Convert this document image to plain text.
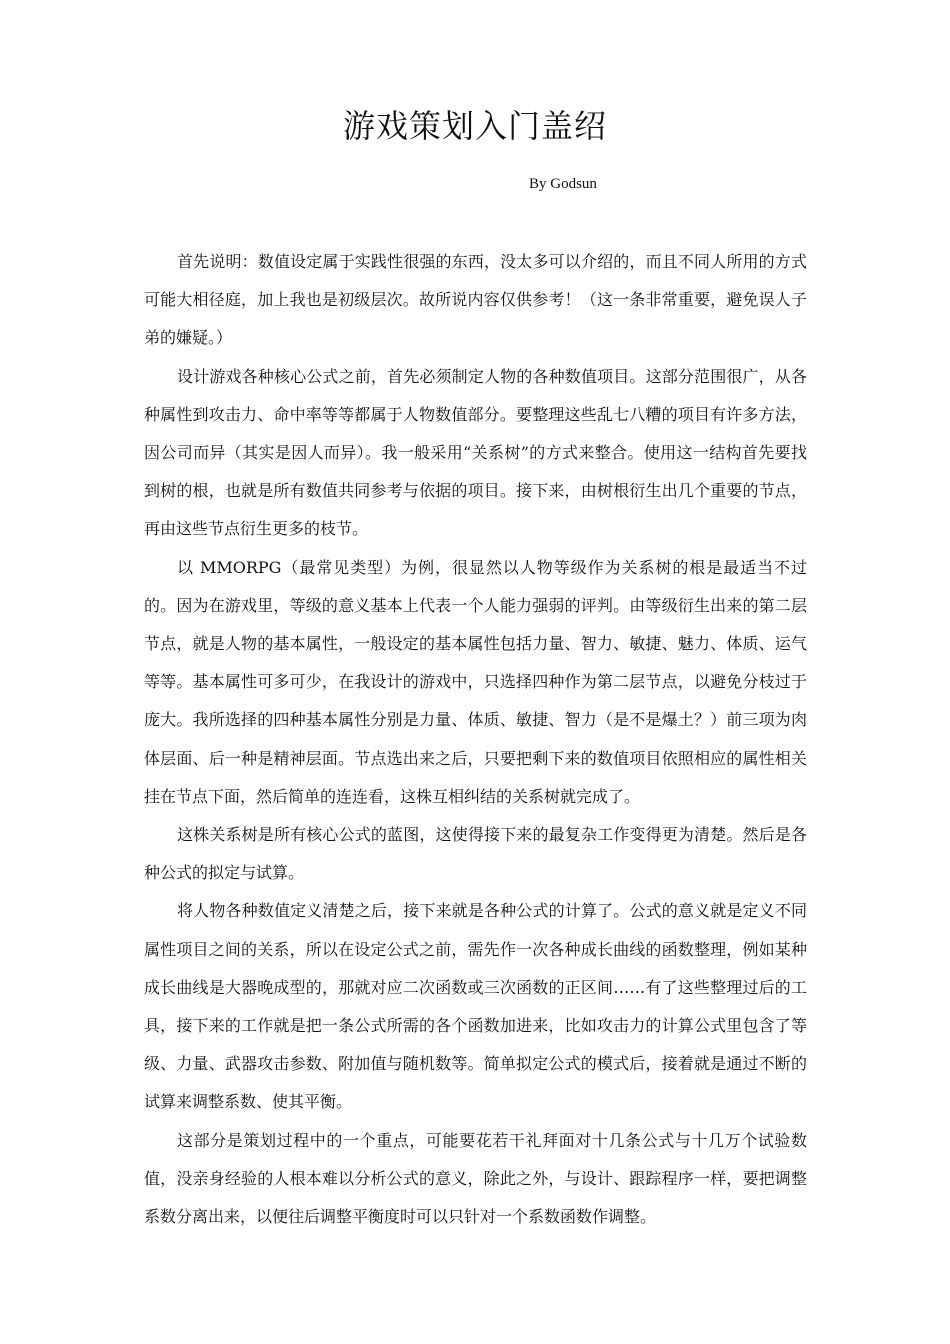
游戏策划入门盖绍
By Godsun

首先说明：数值设定属于实践性很强的东西，没太多可以介绍的，而且不同人所用的方式可能大相径庭，加上我也是初级层次。故所说内容仅供参考！（这一条非常重要，避免误人子弟的嫌疑。）

设计游戏各种核心公式之前，首先必须制定人物的各种数值项目。这部分范围很广，从各种属性到攻击力、命中率等等都属于人物数值部分。要整理这些乱七八糟的项目有许多方法，因公司而异（其实是因人而异）。我一般采用“关系树”的方式来整合。使用这一结构首先要找到树的根，也就是所有数值共同参考与依据的项目。接下来，由树根衍生出几个重要的节点，再由这些节点衍生更多的枝节。

以 MMORPG（最常见类型）为例，很显然以人物等级作为关系树的根是最适当不过的。因为在游戏里，等级的意义基本上代表一个人能力强弱的评判。由等级衍生出来的第二层节点，就是人物的基本属性，一般设定的基本属性包括力量、智力、敏捷、魅力、体质、运气等等。基本属性可多可少，在我设计的游戏中，只选择四种作为第二层节点，以避免分枝过于庞大。我所选择的四种基本属性分别是力量、体质、敏捷、智力（是不是爆土？）前三项为肉体层面、后一种是精神层面。节点选出来之后，只要把剩下来的数值项目依照相应的属性相关挂在节点下面，然后简单的连连看，这株互相纠结的关系树就完成了。

这株关系树是所有核心公式的蓝图，这使得接下来的最复杂工作变得更为清楚。然后是各种公式的拟定与试算。

将人物各种数值定义清楚之后，接下来就是各种公式的计算了。公式的意义就是定义不同属性项目之间的关系，所以在设定公式之前，需先作一次各种成长曲线的函数整理，例如某种成长曲线是大器晚成型的，那就对应二次函数或三次函数的正区间……有了这些整理过后的工具，接下来的工作就是把一条公式所需的各个函数加进来，比如攻击力的计算公式里包含了等级、力量、武器攻击参数、附加值与随机数等。简单拟定公式的模式后，接着就是通过不断的试算来调整系数、使其平衡。

这部分是策划过程中的一个重点，可能要花若干礼拜面对十几条公式与十几万个试验数值，没亲身经验的人根本难以分析公式的意义，除此之外，与设计、跟踪程序一样，要把调整系数分离出来，以便往后调整平衡度时可以只针对一个系数函数作调整。
